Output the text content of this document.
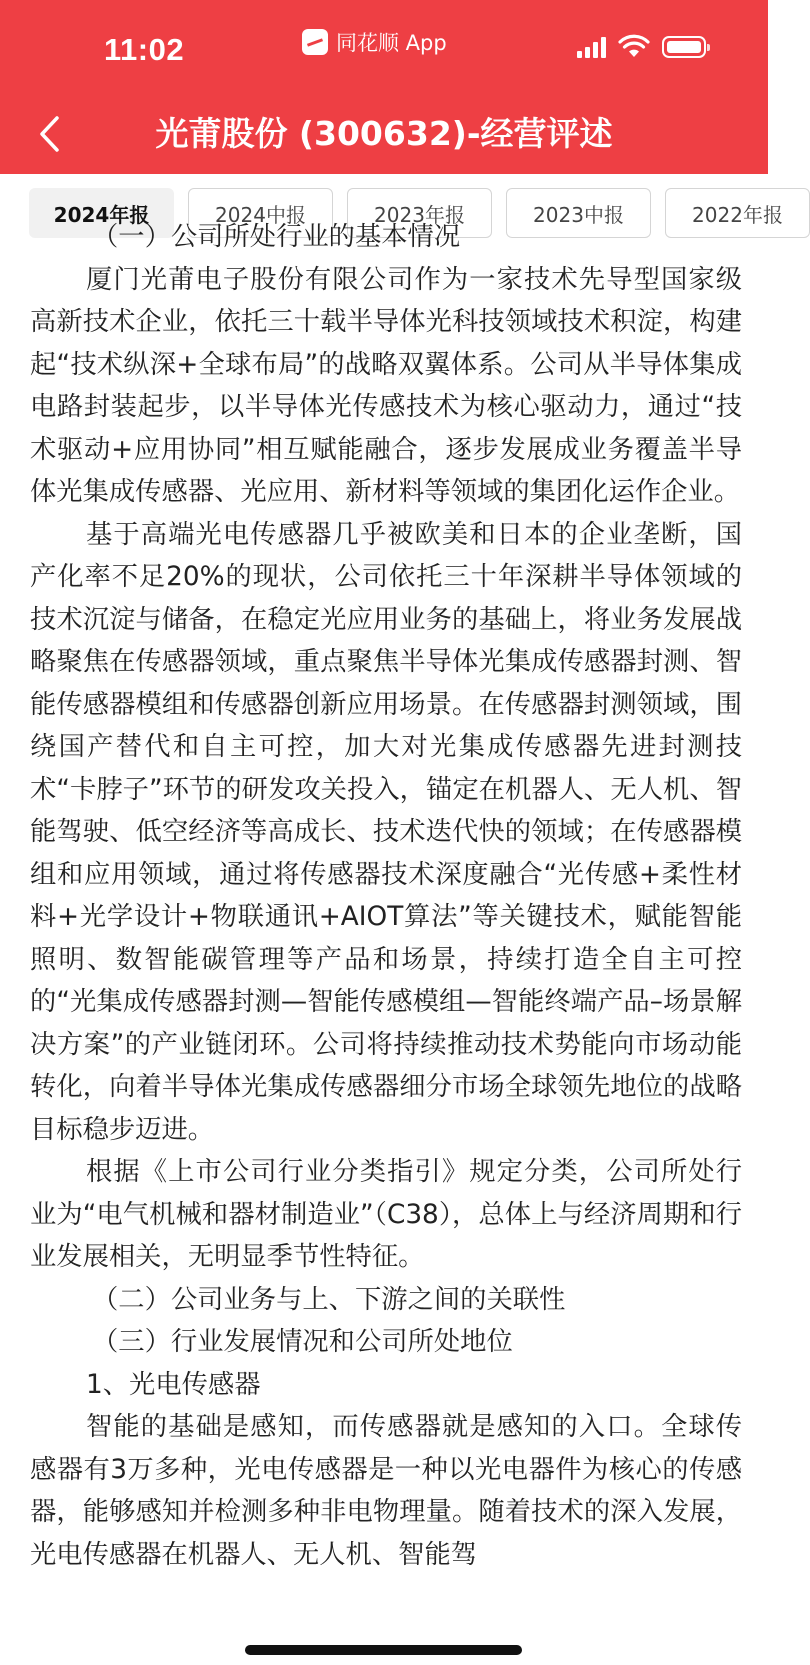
11:02	同花顺 App
光莆股份 (300632)-经营评述
2024年报	2024中报	2023年报	2023中报	2022年报

（一）公司所处行业的基本情况

厦门光莆电子股份有限公司作为一家技术先导型国家级高新技术企业，依托三十载半导体光科技领域技术积淀，构建起“技术纵深+全球布局”的战略双翼体系。公司从半导体集成电路封装起步，以半导体光传感技术为核心驱动力，通过“技术驱动+应用协同”相互赋能融合，逐步发展成业务覆盖半导体光集成传感器、光应用、新材料等领域的集团化运作企业。

基于高端光电传感器几乎被欧美和日本的企业垄断，国产化率不足20%的现状，公司依托三十年深耕半导体领域的技术沉淀与储备，在稳定光应用业务的基础上，将业务发展战略聚焦在传感器领域，重点聚焦半导体光集成传感器封测、智能传感器模组和传感器创新应用场景。在传感器封测领域，围绕国产替代和自主可控，加大对光集成传感器先进封测技术“卡脖子”环节的研发攻关投入，锚定在机器人、无人机、智能驾驶、低空经济等高成长、技术迭代快的领域；在传感器模组和应用领域，通过将传感器技术深度融合“光传感+柔性材料+光学设计+物联通讯+AIOT算法”等关键技术，赋能智能照明、数智能碳管理等产品和场景，持续打造全自主可控的“光集成传感器封测—智能传感模组—智能终端产品–场景解决方案”的产业链闭环。公司将持续推动技术势能向市场动能转化，向着半导体光集成传感器细分市场全球领先地位的战略目标稳步迈进。

根据《上市公司行业分类指引》规定分类，公司所处行业为“电气机械和器材制造业”（C38），总体上与经济周期和行业发展相关，无明显季节性特征。

（二）公司业务与上、下游之间的关联性

（三）行业发展情况和公司所处地位

1、光电传感器

智能的基础是感知，而传感器就是感知的入口。全球传感器有3万多种，光电传感器是一种以光电器件为核心的传感器，能够感知并检测多种非电物理量。随着技术的深入发展，光电传感器在机器人、无人机、智能驾
